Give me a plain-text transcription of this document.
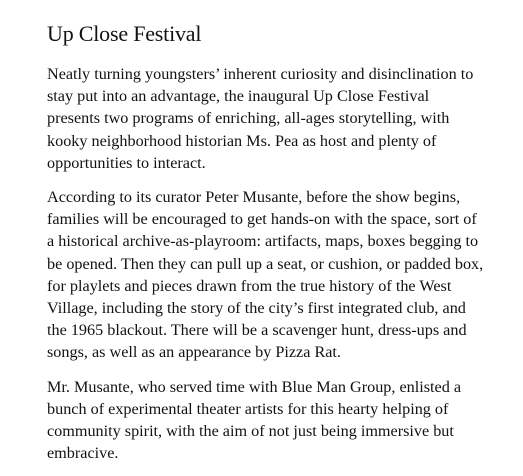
Up Close Festival

Neatly turning youngsters’ inherent curiosity and disinclination to
stay put into an advantage, the inaugural Up Close Festival
presents two programs of enriching, all-ages storytelling, with
kooky neighborhood historian Ms. Pea as host and plenty of
opportunities to interact.

According to its curator Peter Musante, before the show begins,
families will be encouraged to get hands-on with the space, sort of
a historical archive-as-playroom: artifacts, maps, boxes begging to
be opened. Then they can pull up a seat, or cushion, or padded box,
for playlets and pieces drawn from the true history of the West
Village, including the story of the city’s first integrated club, and
the 1965 blackout. There will be a scavenger hunt, dress-ups and
songs, as well as an appearance by Pizza Rat.

Mr. Musante, who served time with Blue Man Group, enlisted a
bunch of experimental theater artists for this hearty helping of
community spirit, with the aim of not just being immersive but
embracive.
